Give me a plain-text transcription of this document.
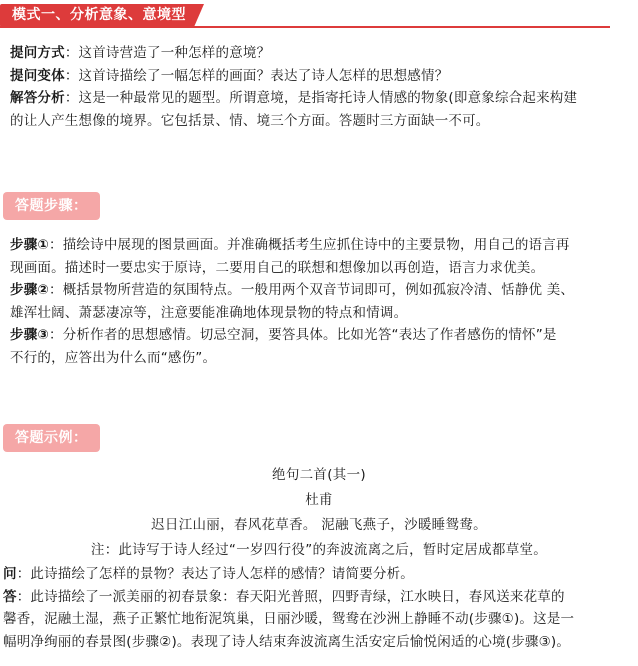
模式一、分析意象、意境型
提问方式：这首诗营造了一种怎样的意境？
提问变体：这首诗描绘了一幅怎样的画面？表达了诗人怎样的思想感情？
解答分析：这是一种最常见的题型。所谓意境，是指寄托诗人情感的物象(即意象综合起来构建
的让人产生想像的境界。它包括景、情、境三个方面。答题时三方面缺一不可。
答题步骤：
步骤①：描绘诗中展现的图景画面。并准确概括考生应抓住诗中的主要景物，用自己的语言再
现画面。描述时一要忠实于原诗，二要用自己的联想和想像加以再创造，语言力求优美。
步骤②：概括景物所营造的氛围特点。一般用两个双音节词即可，例如孤寂冷清、恬静优 美、
雄浑壮阔、萧瑟凄凉等，注意要能准确地体现景物的特点和情调。
步骤③：分析作者的思想感情。切忌空洞，要答具体。比如光答“表达了作者感伤的情怀”是
不行的，应答出为什么而“感伤”。
答题示例：
绝句二首(其一)
杜甫
迟日江山丽，春风花草香。 泥融飞燕子，沙暖睡鸳鸯。
注：此诗写于诗人经过“一岁四行役”的奔波流离之后，暂时定居成都草堂。
问：此诗描绘了怎样的景物？表达了诗人怎样的感情？请简要分析。
答：此诗描绘了一派美丽的初春景象：春天阳光普照，四野青绿，江水映日，春风送来花草的
馨香，泥融土湿，燕子正繁忙地衔泥筑巢，日丽沙暖，鸳鸯在沙洲上静睡不动(步骤①)。这是一
幅明净绚丽的春景图(步骤②)。表现了诗人结束奔波流离生活安定后愉悦闲适的心境(步骤③)。
